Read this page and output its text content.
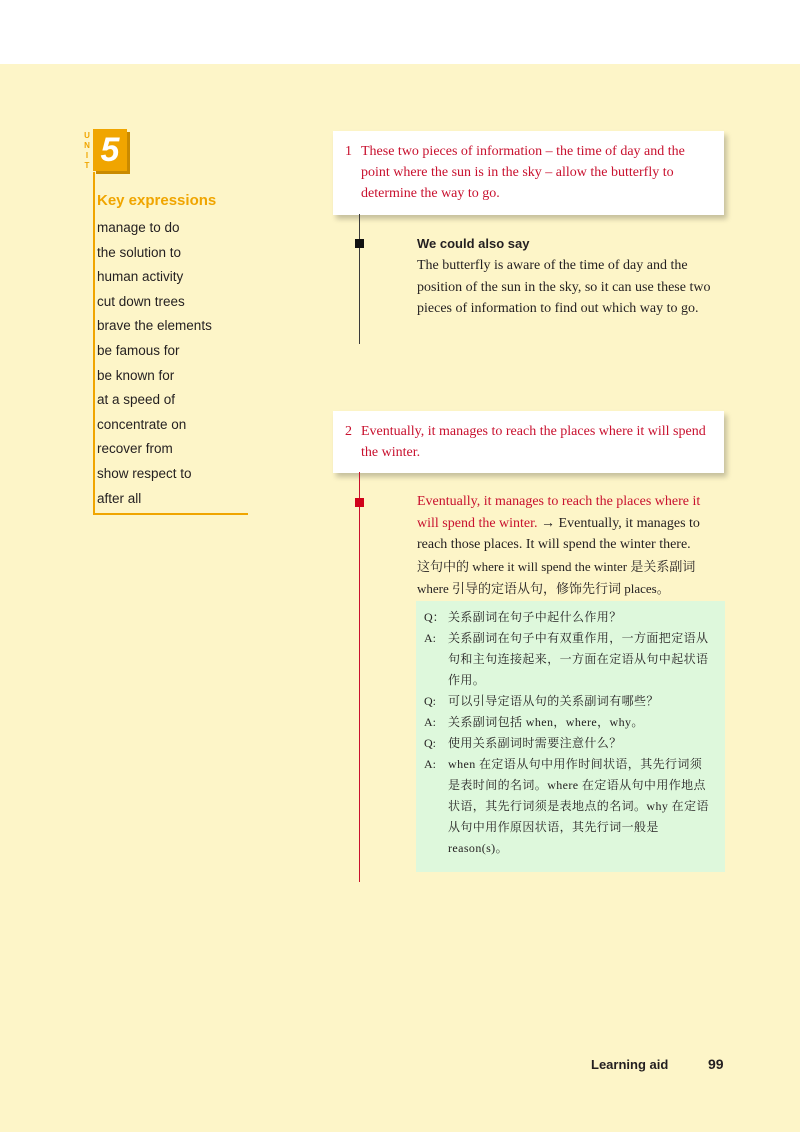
U
N
I
T 5
Key expressions
manage to do
the solution to
human activity
cut down trees
brave the elements
be famous for
be known for
at a speed of
concentrate on
recover from
show respect to
after all
1 These two pieces of information – the time of day and the point where the sun is in the sky – allow the butterfly to determine the way to go.

We could also say

The butterfly is aware of the time of day and the position of the sun in the sky, so it can use these two pieces of information to find out which way to go.

2 Eventually, it manages to reach the places where it will spend the winter.

Eventually, it manages to reach the places where it will spend the winter. → Eventually, it manages to reach those places. It will spend the winter there.
这句中的 where it will spend the winter 是关系副词 where 引导的定语从句，修饰先行词 places。

Q： 关系副词在句子中起什么作用？
A:	关系副词在句子中有双重作用，一方面把定语从句和主句连接起来，一方面在定语从句中起状语作用。
Q:	可以引导定语从句的关系副词有哪些？
A:	关系副词包括 when，where，why。
Q:	使用关系副词时需要注意什么？
A:	when 在定语从句中用作时间状语，其先行词须是表时间的名词。where 在定语从句中用作地点状语，其先行词须是表地点的名词。why 在定语从句中用作原因状语，其先行词一般是 reason(s)。
Learning aid	99
